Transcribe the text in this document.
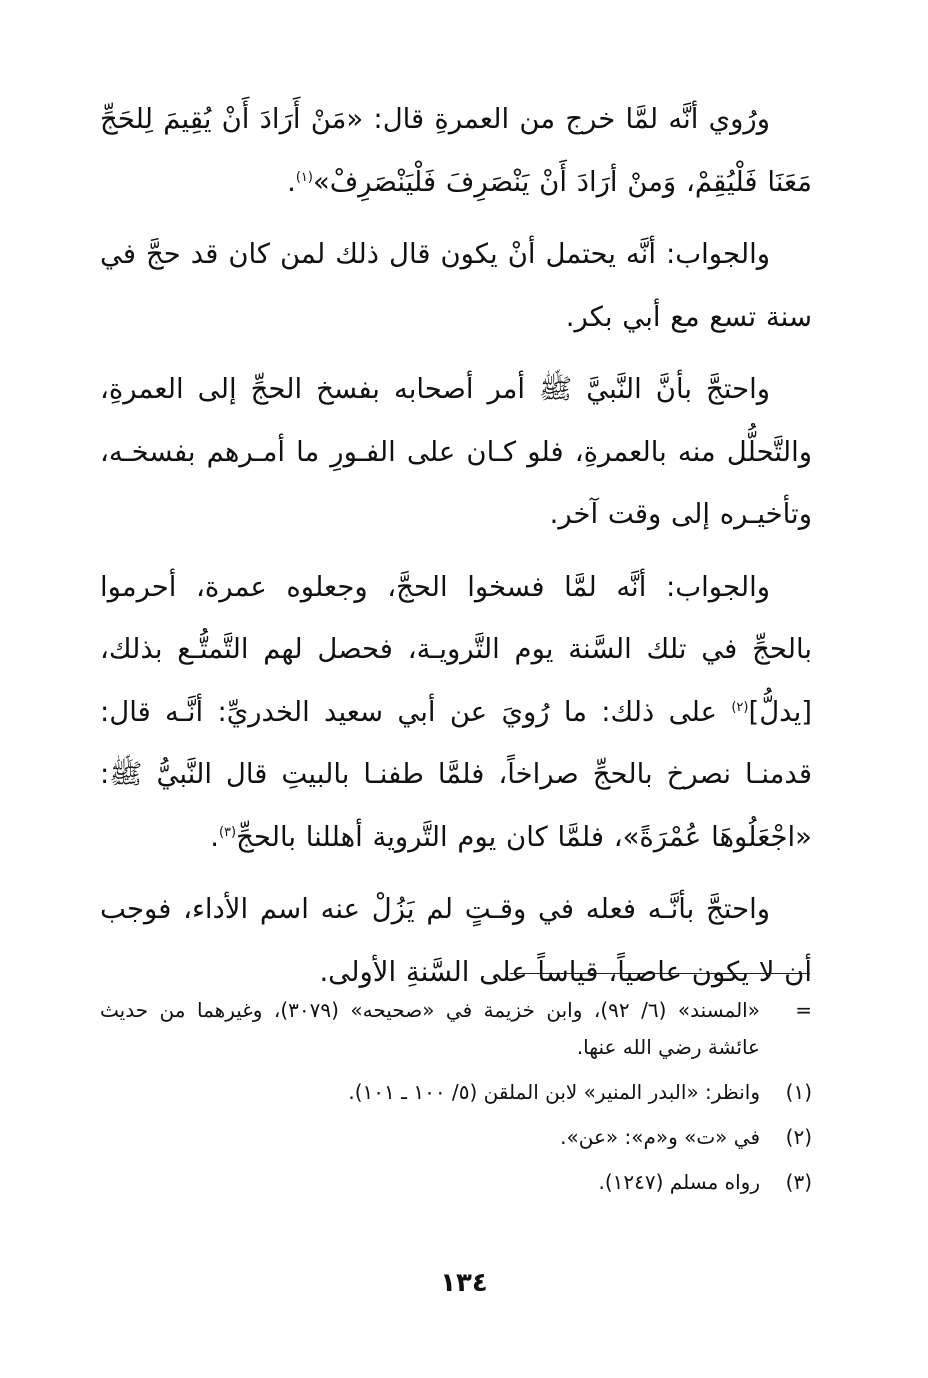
ورُوي أنَّه لمَّا خرج من العمرةِ قال: «مَنْ أَرَادَ أَنْ يُقِيمَ لِلحَجِّ مَعَنَا فَلْيُقِمْ، وَمنْ أرَادَ أَنْ يَنْصَرِفَ فَلْيَنْصَرِفْ»$^{(١)}$.

والجواب: أنَّه يحتمل أنْ يكون قال ذلك لمن كان قد حجَّ في سنة تسع مع أبي بكر.

واحتجَّ بأنَّ النَّبيَّ ﷺ أمر أصحابه بفسخ الحجِّ إلى العمرةِ، والتَّحلُّل منه بالعمرةِ، فلو كـان على الفـورِ ما أمـرهم بفسخـه، وتأخيـره إلى وقت آخر.

والجواب: أنَّه لمَّا فسخوا الحجَّ، وجعلوه عمرة، أحرموا بالحجِّ في تلك السَّنة يوم التَّرويـة، فحصل لهم التَّمتُّـع بذلك، [يدلُّ]$^{(٢)}$ على ذلك: ما رُويَ عن أبي سعيد الخدريِّ: أنَّـه قال: قدمنـا نصرخ بالحجِّ صراخاً، فلمَّا طفنـا بالبيتِ قال النَّبيُّ ﷺ: «اجْعَلُوهَا عُمْرَةً»، فلمَّا كان يوم التَّروية أهللنا بالحجِّ$^{(٣)}$.

واحتجَّ بأنَّـه فعله في وقـتٍ لم يَزُلْ عنه اسم الأداء، فوجب أن لا يكون عاصياً، قياساً على السَّنةِ الأولى.

=
«المسند» (٦/ ٩٢)، وابن خزيمة في «صحيحه» (٣٠٧٩)، وغيرهما من حديث عائشة رضي الله عنها.
(١)
وانظر: «البدر المنير» لابن الملقن (٥/ ١٠٠ ـ ١٠١).
(٢)
في «ت» و«م»: «عن».
(٣)
رواه مسلم (١٢٤٧).
١٣٤
